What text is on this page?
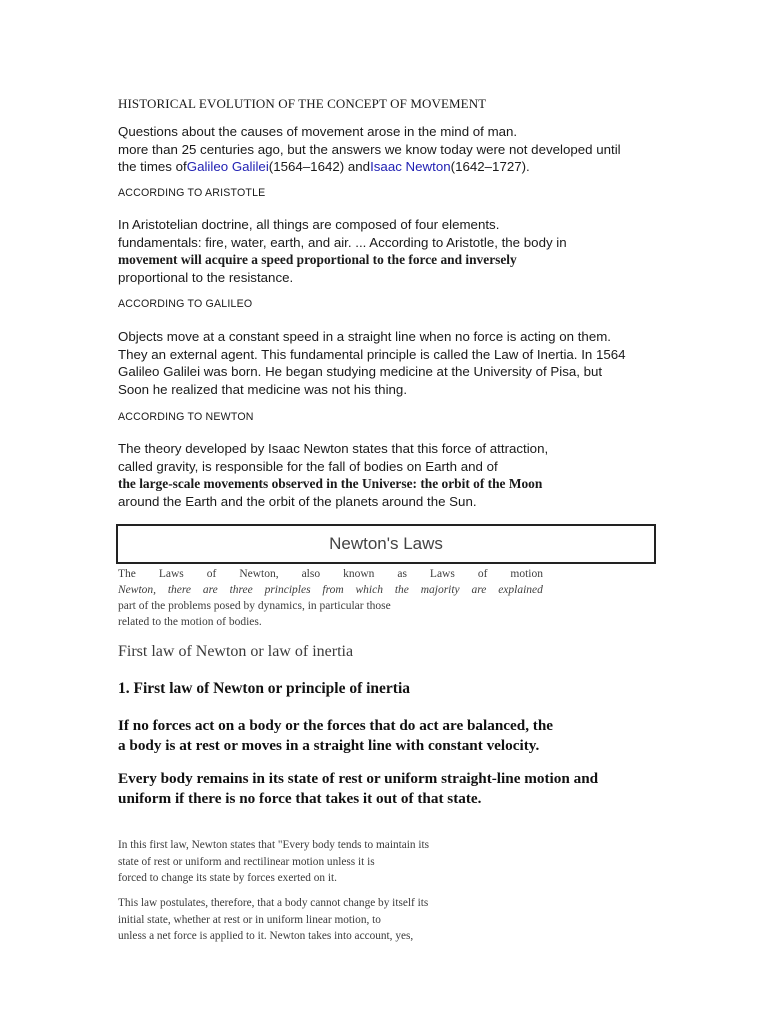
HISTORICAL EVOLUTION OF THE CONCEPT OF MOVEMENT

Questions about the causes of movement arose in the mind of man.
more than 25 centuries ago, but the answers we know today were not developed until
the times ofGalileo Galilei(1564–1642) andIsaac Newton(1642–1727).

ACCORDING TO ARISTOTLE

In Aristotelian doctrine, all things are composed of four elements.
fundamentals: fire, water, earth, and air. ... According to Aristotle, the body in
movement will acquire a speed proportional to the force and inversely
proportional to the resistance.

ACCORDING TO GALILEO

Objects move at a constant speed in a straight line when no force is acting on them.
They an external agent. This fundamental principle is called the Law of Inertia. In 1564
Galileo Galilei was born. He began studying medicine at the University of Pisa, but
Soon he realized that medicine was not his thing.

ACCORDING TO NEWTON

The theory developed by Isaac Newton states that this force of attraction,
called gravity, is responsible for the fall of bodies on Earth and of
the large-scale movements observed in the Universe: the orbit of the Moon
around the Earth and the orbit of the planets around the Sun.
Newton's Laws
The Laws of Newton, also known as Laws of motion
Newton, there are three principles from which the majority are explained
part of the problems posed by dynamics, in particular those
related to the motion of bodies.

First law of Newton or law of inertia

1. First law of Newton or principle of inertia

If no forces act on a body or the forces that do act are balanced, the
a body is at rest or moves in a straight line with constant velocity.
Every body remains in its state of rest or uniform straight-line motion and
uniform if there is no force that takes it out of that state.
In this first law, Newton states that "Every body tends to maintain its
state of rest or uniform and rectilinear motion unless it is
forced to change its state by forces exerted on it.
This law postulates, therefore, that a body cannot change by itself its
initial state, whether at rest or in uniform linear motion, to
unless a net force is applied to it. Newton takes into account, yes,
